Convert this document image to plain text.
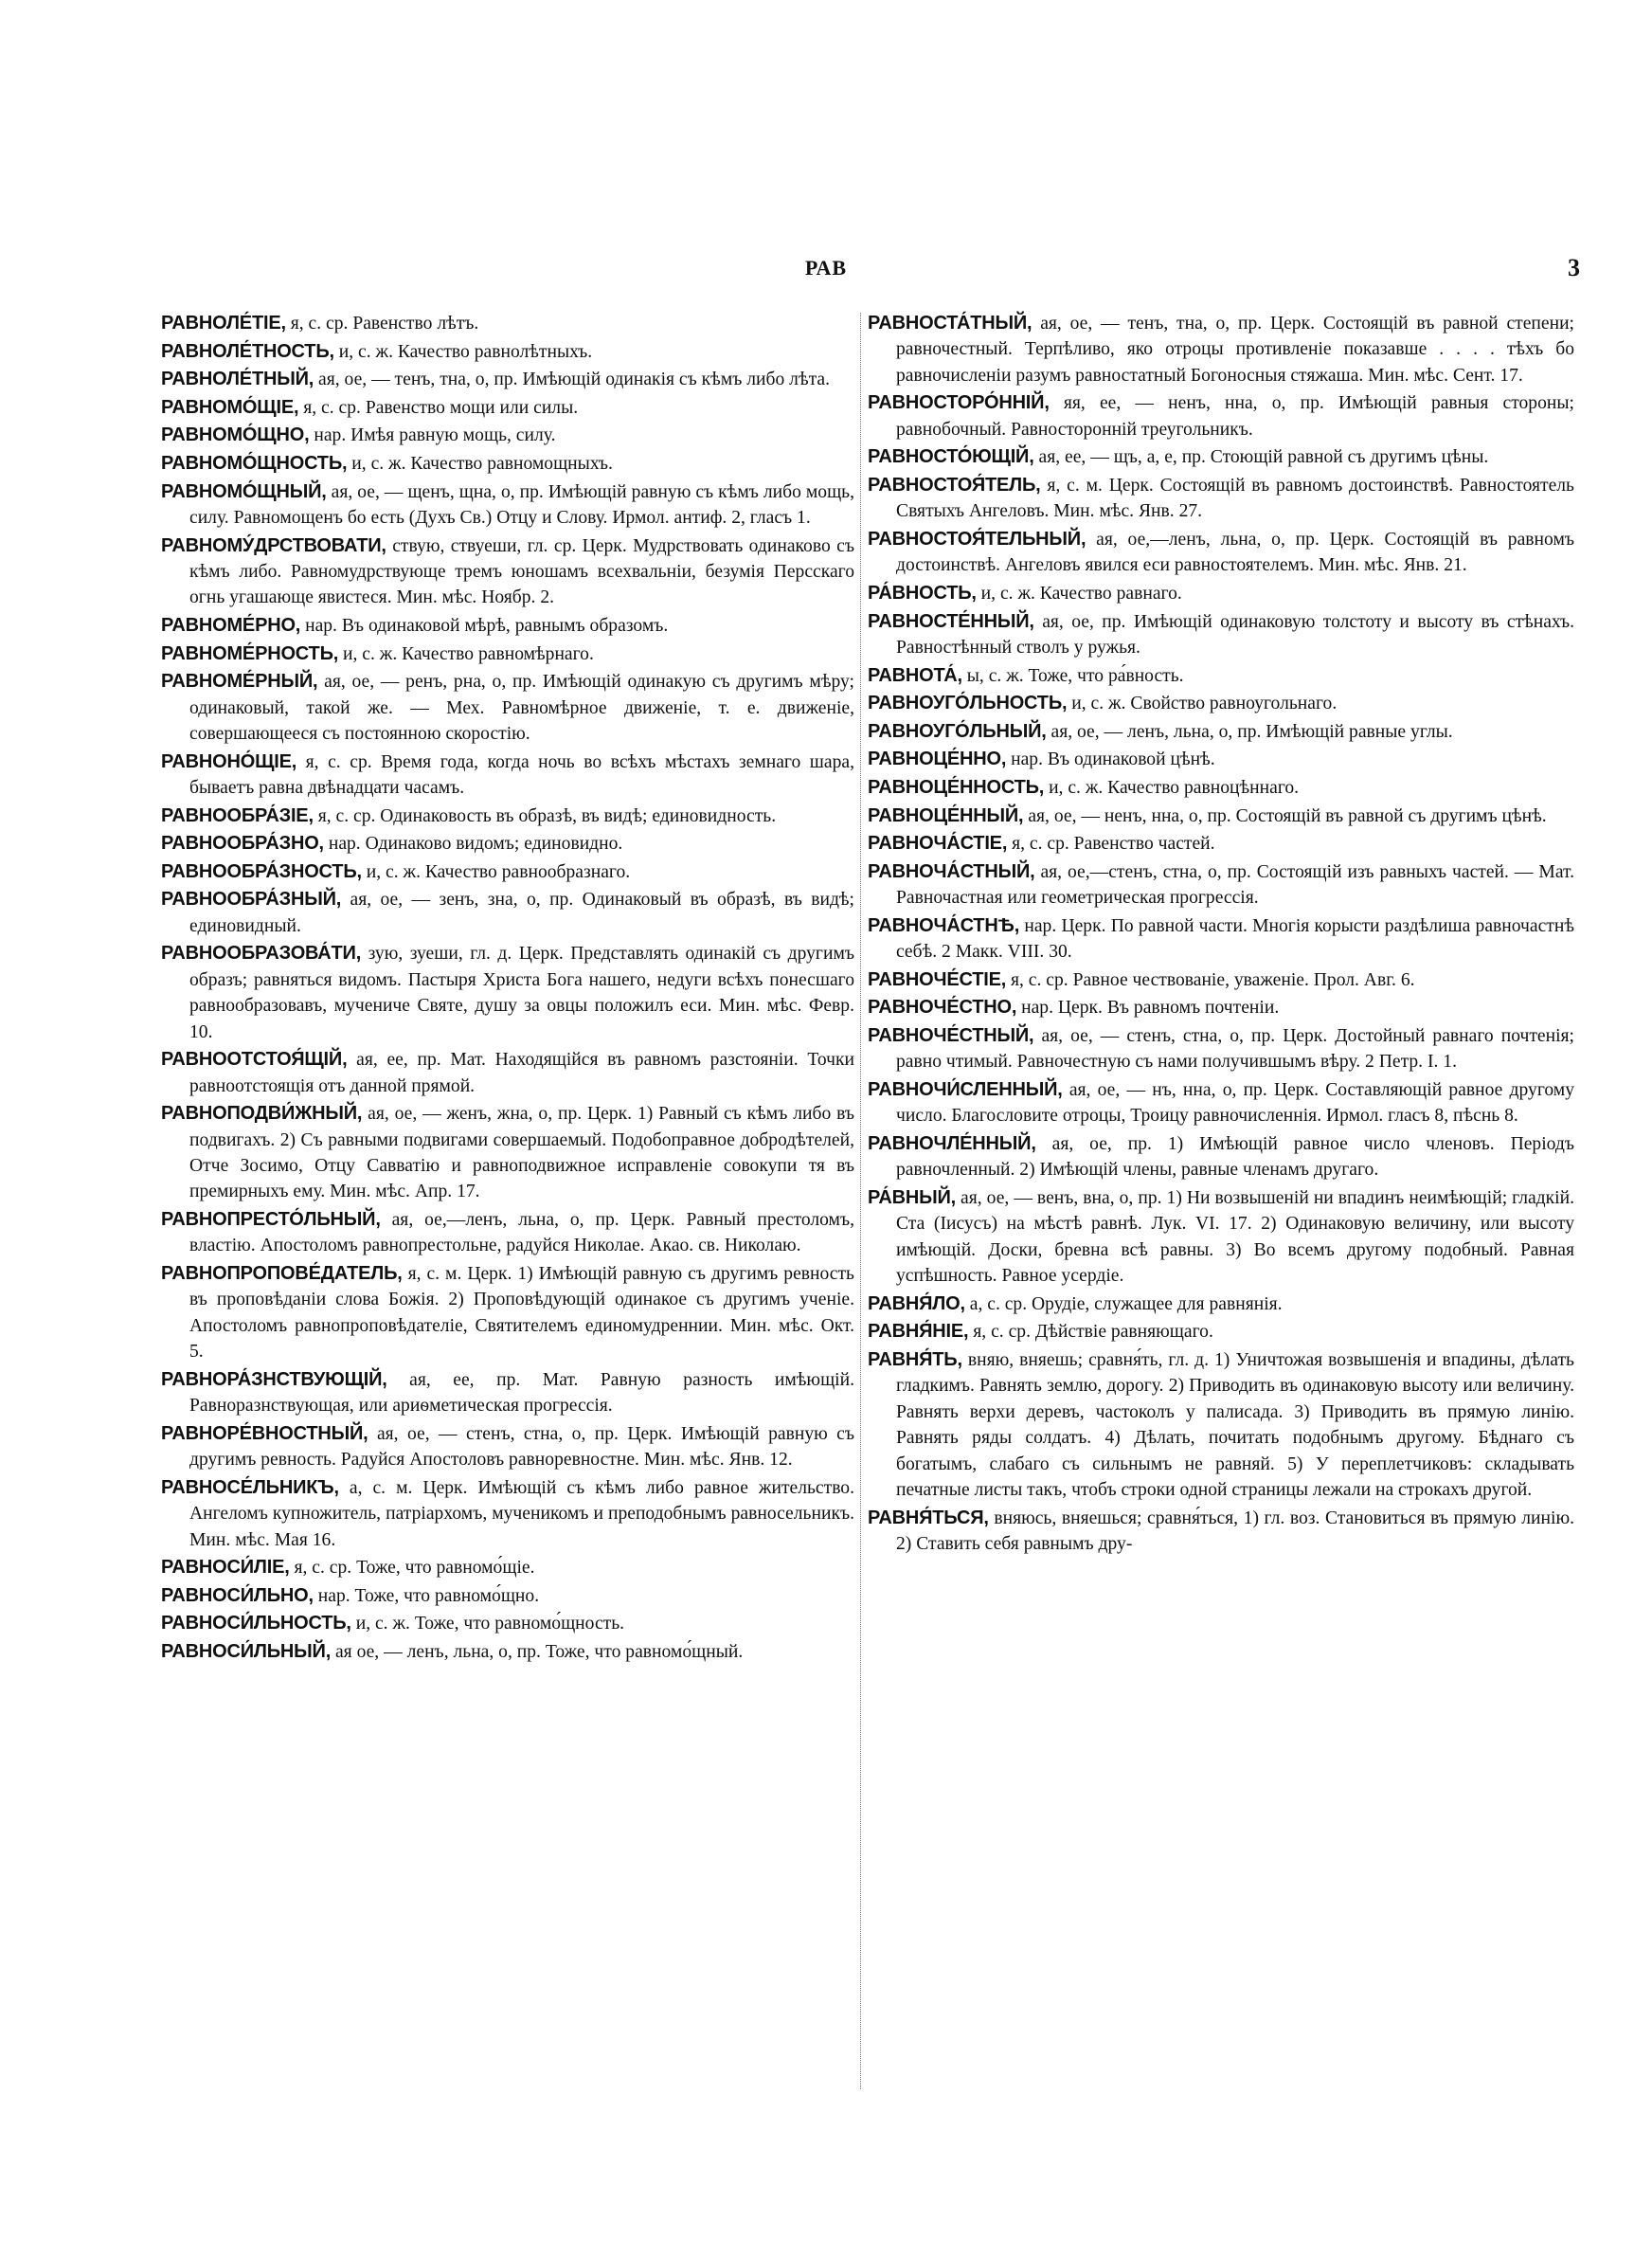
РАВ	3

РАВНОЛЕ́ТІЕ, я, с. ср. Равенство лѣтъ.

РАВНОЛЕ́ТНОСТЬ, и, с. ж. Качество равнолѣтныхъ.

РАВНОЛЕ́ТНЫЙ, ая, ое, — тенъ, тна, о, пр. Имѣющій одинакія съ кѣмъ либо лѣта.

РАВНОМО́ЩІЕ, я, с. ср. Равенство мощи или силы.

РАВНОМО́ЩНО, нар. Имѣя равную мощь, силу.

РАВНОМО́ЩНОСТЬ, и, с. ж. Качество равномощныхъ.

РАВНОМО́ЩНЫЙ, ая, ое, — щенъ, щна, о, пр. Имѣющій равную съ кѣмъ либо мощь, силу. Равномощенъ бо есть (Духъ Св.) Отцу и Слову. Ирмол. антиф. 2, гласъ 1.

РАВНОМУ́ДРСТВОВАТИ, ствую, ствуеши, гл. ср. Церк. Мудрствовать одинаково съ кѣмъ либо. Равномудрствующе тремъ юношамъ всехвальніи, безумія Персскаго огнь угашающе явистеся. Мин. мѣс. Ноябр. 2.

РАВНОМЕ́РНО, нар. Въ одинаковой мѣрѣ, равнымъ образомъ.

РАВНОМЕ́РНОСТЬ, и, с. ж. Качество равномѣрнаго.

РАВНОМЕ́РНЫЙ, ая, ое, — ренъ, рна, о, пр. Имѣющій одинакую съ другимъ мѣру; одинаковый, такой же. — Мех. Равномѣрное движеніе, т. е. движеніе, совершающееся съ постояннoю скоростію.

РАВНОНО́ЩІЕ, я, с. ср. Время года, когда ночь во всѣхъ мѣстахъ земнаго шара, бываетъ равна двѣнадцати часамъ.

РАВНООБРА́ЗІЕ, я, с. ср. Одинаковость въ образѣ, въ видѣ; единовидность.

РАВНООБРА́ЗНО, нар. Одинаково видомъ; единовидно.

РАВНООБРА́ЗНОСТЬ, и, с. ж. Качество равнообразнаго.

РАВНООБРА́ЗНЫЙ, ая, ое, — зенъ, зна, о, пр. Одинаковый въ образѣ, въ видѣ; единовидный.

РАВНООБРАЗОВА́ТИ, зую, зуеши, гл. д. Церк. Представлять одинакій съ другимъ образъ; равняться видомъ. Пастыря Христа Бога нашего, недуги всѣхъ понесшаго равнообразовавъ, мучениче Святе, душу за овцы положилъ еси. Мин. мѣс. Февр. 10.

РАВНООТСТОЯ́ЩІЙ, ая, ее, пр. Мат. Находящійся въ равномъ разстояніи. Точки равноотстоящія отъ данной прямой.

РАВНОПОДВИ́ЖНЫЙ, ая, ое, — женъ, жна, о, пр. Церк. 1) Равный съ кѣмъ либо въ подвигахъ. 2) Съ равными подвигами совершаемый. Подобоправное добродѣтелей, Отче Зосимо, Отцу Савватію и равноподвижное исправленіе совокупи тя въ премирныхъ ему. Мин. мѣс. Апр. 17.

РАВНОПРЕСТО́ЛЬНЫЙ, ая, ое,—ленъ, льна, о, пр. Церк. Равный престоломъ, властію. Апостоломъ равнопрестольне, радуйся Николае. Акао. св. Николаю.

РАВНОПРОПОВЕ́ДАТЕЛЬ, я, с. м. Церк. 1) Имѣющій равную съ другимъ ревность въ проповѣданіи слова Божія. 2) Проповѣдующій одинакое съ другимъ ученіе. Апостоломъ равнопроповѣдателіе, Святителемъ единомудреннии. Мин. мѣс. Окт. 5.

РАВНОРА́ЗНСТВУЮЩІЙ, ая, ее, пр. Мат. Равную разность имѣющій. Равноразнствующая, или ариѳметическая прогрессія.

РАВНОРЕ́ВНОСТНЫЙ, ая, ое, — стенъ, стна, о, пр. Церк. Имѣющій равную съ другимъ ревность. Радуйся Апостоловъ равноревностне. Мин. мѣс. Янв. 12.

РАВНОСЕ́ЛЬНИКЪ, а, с. м. Церк. Имѣющій съ кѣмъ либо равное жительство. Ангеломъ купножитель, патріархомъ, мученикомъ и преподобнымъ равносельникъ. Мин. мѣс. Мая 16.

РАВНОСИ́ЛІЕ, я, с. ср. Тоже, что равномо́щіе.

РАВНОСИ́ЛЬНО, нар. Тоже, что равномо́щно.

РАВНОСИ́ЛЬНОСТЬ, и, с. ж. Тоже, что равномо́щность.

РАВНОСИ́ЛЬНЫЙ, ая ое, — ленъ, льна, о, пр. Тоже, что равномо́щный.

РАВНОСТА́ТНЫЙ, ая, ое, — тенъ, тна, о, пр. Церк. Состоящій въ равной степени; равночестный. Терпѣливо, яко отроцы противленіе показавше . . . . тѣхъ бо равночисленіи разумъ равностатный Богоносныя стяжаша. Мин. мѣс. Сент. 17.

РАВНОСТОРО́ННІЙ, яя, ее, — ненъ, нна, о, пр. Имѣющій равныя стороны; равнобочный. Равносторонній треугольникъ.

РАВНОСТО́ЮЩІЙ, ая, ее, — щъ, а, е, пр. Стоющій равной съ другимъ цѣны.

РАВНОСТОЯ́ТЕЛЬ, я, с. м. Церк. Состоящій въ равномъ достоинствѣ. Равностоятель Святыхъ Ангеловъ. Мин. мѣс. Янв. 27.

РАВНОСТОЯ́ТЕЛЬНЫЙ, ая, ое,—ленъ, льна, о, пр. Церк. Состоящій въ равномъ достоинствѣ. Ангеловъ явился еси равностоятелемъ. Мин. мѣс. Янв. 21.

РА́ВНОСТЬ, и, с. ж. Качество равнаго.

РАВНОСТЕ́ННЫЙ, ая, ое, пр. Имѣющій одинаковую толстоту и высоту въ стѣнахъ. Равностѣнный стволъ у ружья.

РАВНОТА́, ы, с. ж. Тоже, что ра́вность.

РАВНОУГО́ЛЬНОСТЬ, и, с. ж. Свойство равноугольнаго.

РАВНОУГО́ЛЬНЫЙ, ая, ое, — ленъ, льна, о, пр. Имѣющій равные углы.

РАВНОЦЕ́ННО, нар. Въ одинаковой цѣнѣ.

РАВНОЦЕ́ННОСТЬ, и, с. ж. Качество равноцѣннаго.

РАВНОЦЕ́ННЫЙ, ая, ое, — ненъ, нна, о, пр. Состоящій въ равной съ другимъ цѣнѣ.

РАВНОЧА́СТІЕ, я, с. ср. Равенство частей.

РАВНОЧА́СТНЫЙ, ая, ое,—стенъ, стна, о, пр. Состоящій изъ равныхъ частей. — Мат. Равночастная или геометрическая прогрессія.

РАВНОЧА́СТНѢ, нар. Церк. По равной части. Многія корысти раздѣлиша равночастнѣ себѣ. 2 Макк. VIII. 30.

РАВНОЧЕ́СТІЕ, я, с. ср. Равное чествованіе, уваженіе. Прол. Авг. 6.

РАВНОЧЕ́СТНО, нар. Церк. Въ равномъ почтеніи.

РАВНОЧЕ́СТНЫЙ, ая, ое, — стенъ, стна, о, пр. Церк. Достойный равнаго почтенія; равно чтимый. Равночестную съ нами получившымъ вѣру. 2 Петр. I. 1.

РАВНОЧИ́СЛЕННЫЙ, ая, ое, — нъ, нна, о, пр. Церк. Составляющій равное другому число. Благословите отроцы, Троицу равночисленнія. Ирмол. гласъ 8, пѣснь 8.

РАВНОЧЛЕ́ННЫЙ, ая, ое, пр. 1) Имѣющій равное число членовъ. Періодъ равночленный. 2) Имѣющій члены, равные членамъ другаго.

РА́ВНЫЙ, ая, ое, — венъ, вна, о, пр. 1) Ни возвышеній ни впадинъ неимѣющій; гладкій. Ста (Іисусъ) на мѣстѣ равнѣ. Лук. VI. 17. 2) Одинаковую величину, или высоту имѣющій. Доски, бревна всѣ равны. 3) Во всемъ другому подобный. Равная успѣшность. Равное усердіе.

РАВНЯ́ЛО, а, с. ср. Орудіе, служащее для равнянія.

РАВНЯ́НІЕ, я, с. ср. Дѣйствіе равняющаго.

РАВНЯ́ТЬ, вняю, вняешь; сравня́ть, гл. д. 1) Уничтожая возвышенія и впадины, дѣлать гладкимъ. Равнять землю, дорогу. 2) Приводить въ одинаковую высоту или величину. Равнять верхи деревъ, частоколъ у палисада. 3) Приводить въ прямую линію. Равнять ряды солдатъ. 4) Дѣлать, почитать подобнымъ другому. Бѣднаго съ богатымъ, слабаго съ сильнымъ не равняй. 5) У переплетчиковъ: складывать печатные листы такъ, чтобъ строки одной страницы лежали на строкахъ другой.

РАВНЯ́ТЬСЯ, вняюсь, вняешься; сравня́ться, 1) гл. воз. Становиться въ прямую линію. 2) Ставить себя равнымъ дру-
